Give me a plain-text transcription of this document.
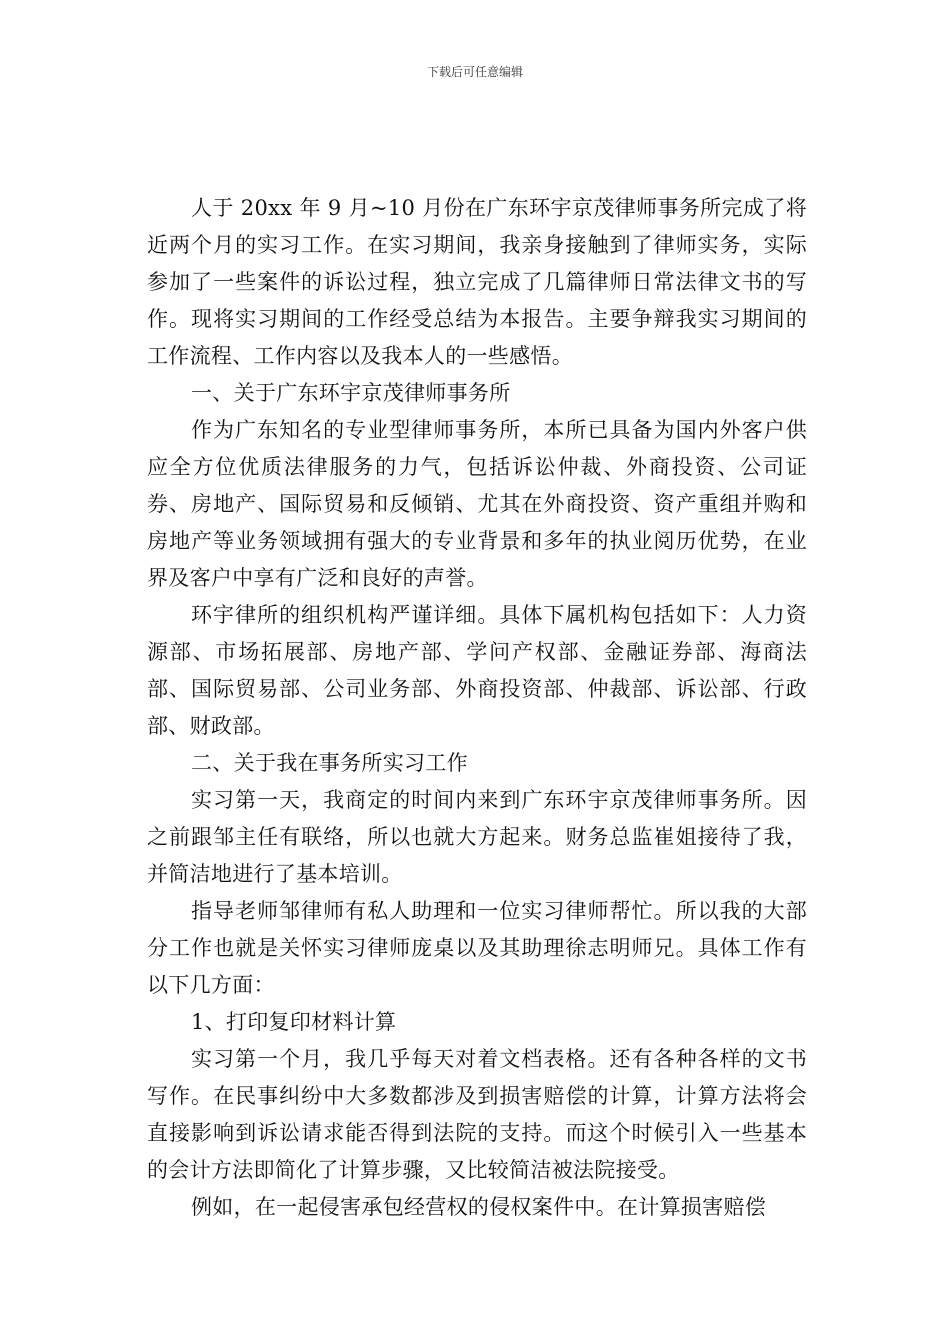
下载后可任意编辑

人于 20xx 年 9 月~10 月份在广东环宇京茂律师事务所完成了将近两个月的实习工作。在实习期间，我亲身接触到了律师实务，实际参加了一些案件的诉讼过程，独立完成了几篇律师日常法律文书的写作。现将实习期间的工作经受总结为本报告。主要争辩我实习期间的工作流程、工作内容以及我本人的一些感悟。

一、关于广东环宇京茂律师事务所

作为广东知名的专业型律师事务所，本所已具备为国内外客户供应全方位优质法律服务的力气，包括诉讼仲裁、外商投资、公司证券、房地产、国际贸易和反倾销、尤其在外商投资、资产重组并购和房地产等业务领域拥有强大的专业背景和多年的执业阅历优势，在业界及客户中享有广泛和良好的声誉。

环宇律所的组织机构严谨详细。具体下属机构包括如下：人力资源部、市场拓展部、房地产部、学问产权部、金融证券部、海商法部、国际贸易部、公司业务部、外商投资部、仲裁部、诉讼部、行政部、财政部。

二、关于我在事务所实习工作

实习第一天，我商定的时间内来到广东环宇京茂律师事务所。因之前跟邹主任有联络，所以也就大方起来。财务总监崔姐接待了我，并简洁地进行了基本培训。

指导老师邹律师有私人助理和一位实习律师帮忙。所以我的大部分工作也就是关怀实习律师庞桌以及其助理徐志明师兄。具体工作有以下几方面：

1、打印复印材料计算

实习第一个月，我几乎每天对着文档表格。还有各种各样的文书写作。在民事纠纷中大多数都涉及到损害赔偿的计算，计算方法将会直接影响到诉讼请求能否得到法院的支持。而这个时候引入一些基本的会计方法即简化了计算步骤，又比较简洁被法院接受。

例如，在一起侵害承包经营权的侵权案件中。在计算损害赔偿
